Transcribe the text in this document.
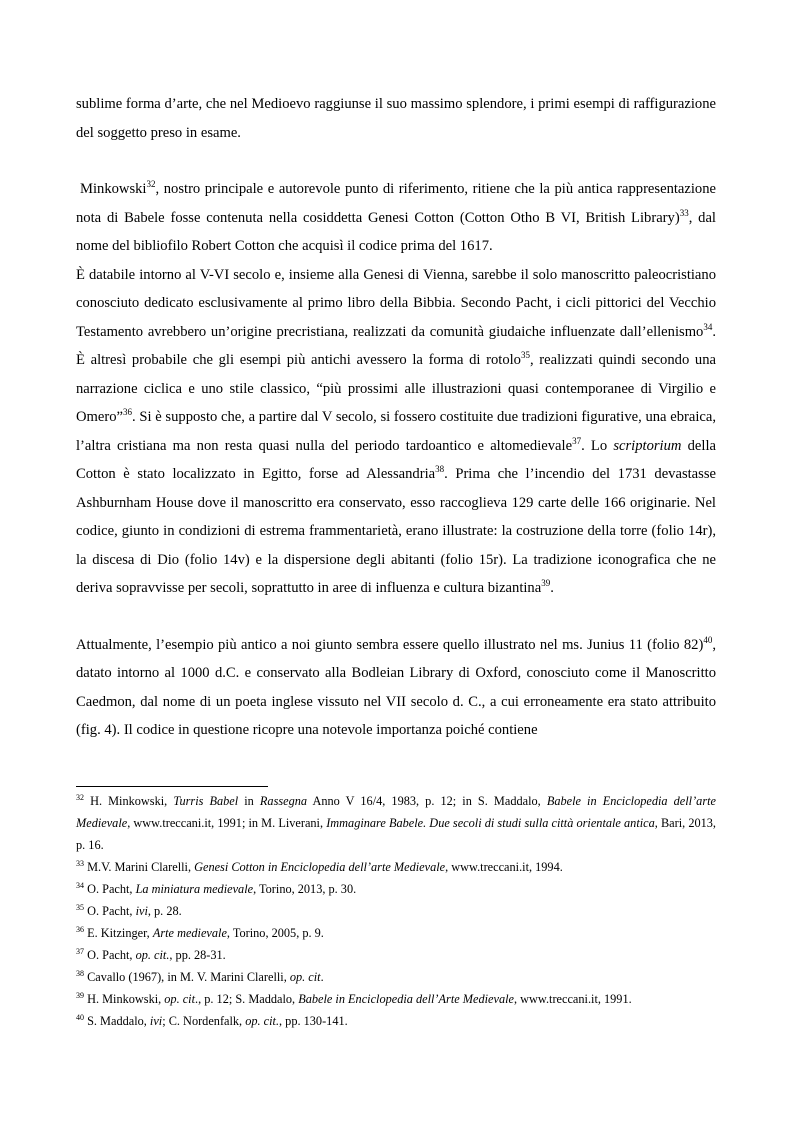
sublime forma d’arte, che nel Medioevo raggiunse il suo massimo splendore, i primi esempi di raffigurazione del soggetto preso in esame.

Minkowski$^{32}$, nostro principale e autorevole punto di riferimento, ritiene che la più antica rappresentazione nota di Babele fosse contenuta nella cosiddetta Genesi Cotton (Cotton Otho B VI, British Library)$^{33}$, dal nome del bibliofilo Robert Cotton che acquisì il codice prima del 1617.

È databile intorno al V-VI secolo e, insieme alla Genesi di Vienna, sarebbe il solo manoscritto paleocristiano conosciuto dedicato esclusivamente al primo libro della Bibbia. Secondo Pacht, i cicli pittorici del Vecchio Testamento avrebbero un’origine precristiana, realizzati da comunità giudaiche influenzate dall’ellenismo$^{34}$. È altresì probabile che gli esempi più antichi avessero la forma di rotolo$^{35}$, realizzati quindi secondo una narrazione ciclica e uno stile classico, “più prossimi alle illustrazioni quasi contemporanee di Virgilio e Omero”$^{36}$. Si è supposto che, a partire dal V secolo, si fossero costituite due tradizioni figurative, una ebraica, l’altra cristiana ma non resta quasi nulla del periodo tardoantico e altomedievale$^{37}$. Lo scriptorium della Cotton è stato localizzato in Egitto, forse ad Alessandria$^{38}$. Prima che l’incendio del 1731 devastasse Ashburnham House dove il manoscritto era conservato, esso raccoglieva 129 carte delle 166 originarie. Nel codice, giunto in condizioni di estrema frammentarietà, erano illustrate: la costruzione della torre (folio 14r), la discesa di Dio (folio 14v) e la dispersione degli abitanti (folio 15r). La tradizione iconografica che ne deriva sopravvisse per secoli, soprattutto in aree di influenza e cultura bizantina$^{39}$.

Attualmente, l’esempio più antico a noi giunto sembra essere quello illustrato nel ms. Junius 11 (folio 82)$^{40}$, datato intorno al 1000 d.C. e conservato alla Bodleian Library di Oxford, conosciuto come il Manoscritto Caedmon, dal nome di un poeta inglese vissuto nel VII secolo d. C., a cui erroneamente era stato attribuito (fig. 4). Il codice in questione ricopre una notevole importanza poiché contiene

$^{32}$ H. Minkowski, Turris Babel in Rassegna Anno V 16/4, 1983, p. 12; in S. Maddalo, Babele in Enciclopedia dell’arte Medievale, www.treccani.it, 1991; in M. Liverani, Immaginare Babele. Due secoli di studi sulla città orientale antica, Bari, 2013, p. 16.

$^{33}$ M.V. Marini Clarelli, Genesi Cotton in Enciclopedia dell’arte Medievale, www.treccani.it, 1994.

$^{34}$ O. Pacht, La miniatura medievale, Torino, 2013, p. 30.

$^{35}$ O. Pacht, ivi, p. 28.

$^{36}$ E. Kitzinger, Arte medievale, Torino, 2005, p. 9.

$^{37}$ O. Pacht, op. cit., pp. 28-31.

$^{38}$ Cavallo (1967), in M. V. Marini Clarelli, op. cit.

$^{39}$ H. Minkowski, op. cit., p. 12; S. Maddalo, Babele in Enciclopedia dell’Arte Medievale, www.treccani.it, 1991.

$^{40}$ S. Maddalo, ivi; C. Nordenfalk, op. cit., pp. 130-141.
